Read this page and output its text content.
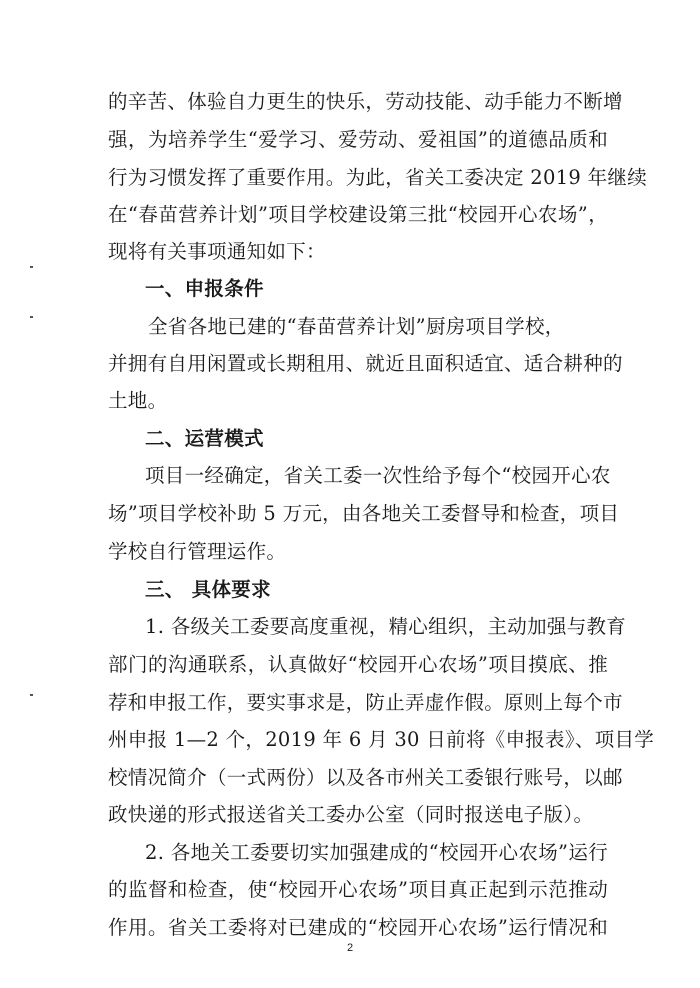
的辛苦、体验自力更生的快乐，劳动技能、动手能力不断增
强，为培养学生“爱学习、爱劳动、爱祖国”的道德品质和
行为习惯发挥了重要作用。为此，省关工委决定 2019 年继续
在“春苗营养计划”项目学校建设第三批“校园开心农场”，
现将有关事项通知如下：
一、申报条件
全省各地已建的“春苗营养计划”厨房项目学校，
并拥有自用闲置或长期租用、就近且面积适宜、适合耕种的
土地。
二、运营模式
项目一经确定，省关工委一次性给予每个“校园开心农
场”项目学校补助 5 万元，由各地关工委督导和检查，项目
学校自行管理运作。
三、 具体要求
1. 各级关工委要高度重视，精心组织，主动加强与教育
部门的沟通联系，认真做好“校园开心农场”项目摸底、推
荐和申报工作，要实事求是，防止弄虚作假。原则上每个市
州申报 1—2 个，2019 年 6 月 30 日前将《申报表》、项目学
校情况简介（一式两份）以及各市州关工委银行账号，以邮
政快递的形式报送省关工委办公室（同时报送电子版）。
2. 各地关工委要切实加强建成的“校园开心农场”运行
的监督和检查，使“校园开心农场”项目真正起到示范推动
作用。省关工委将对已建成的“校园开心农场”运行情况和
2
